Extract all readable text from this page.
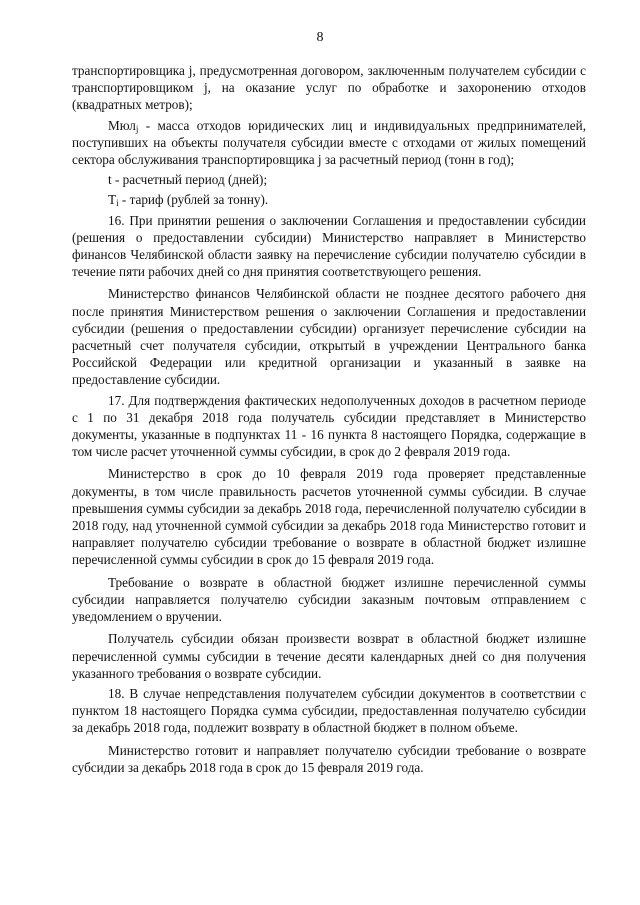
8

транспортировщика j, предусмотренная договором, заключенным получателем субсидии с транспортировщиком j, на оказание услуг по обработке и захоронению отходов (квадратных метров);

Мюл$_j$ - масса отходов юридических лиц и индивидуальных предпринимателей, поступивших на объекты получателя субсидии вместе с отходами от жилых помещений сектора обслуживания транспортировщика j за расчетный период (тонн в год);

t - расчетный период (дней);

$T_i$ - тариф (рублей за тонну).

16. При принятии решения о заключении Соглашения и предоставлении субсидии (решения о предоставлении субсидии) Министерство направляет в Министерство финансов Челябинской области заявку на перечисление субсидии получателю субсидии в течение пяти рабочих дней со дня принятия соответствующего решения.

Министерство финансов Челябинской области не позднее десятого рабочего дня после принятия Министерством решения о заключении Соглашения и предоставлении субсидии (решения о предоставлении субсидии) организует перечисление субсидии на расчетный счет получателя субсидии, открытый в учреждении Центрального банка Российской Федерации или кредитной организации и указанный в заявке на предоставление субсидии.

17. Для подтверждения фактических недополученных доходов в расчетном периоде с 1 по 31 декабря 2018 года получатель субсидии представляет в Министерство документы, указанные в подпунктах 11 - 16 пункта 8 настоящего Порядка, содержащие в том числе расчет уточненной суммы субсидии, в срок до 2 февраля 2019 года.

Министерство в срок до 10 февраля 2019 года проверяет представленные документы, в том числе правильность расчетов уточненной суммы субсидии. В случае превышения суммы субсидии за декабрь 2018 года, перечисленной получателю субсидии в 2018 году, над уточненной суммой субсидии за декабрь 2018 года Министерство готовит и направляет получателю субсидии требование о возврате в областной бюджет излишне перечисленной суммы субсидии в срок до 15 февраля 2019 года.

Требование о возврате в областной бюджет излишне перечисленной суммы субсидии направляется получателю субсидии заказным почтовым отправлением с уведомлением о вручении.

Получатель субсидии обязан произвести возврат в областной бюджет излишне перечисленной суммы субсидии в течение десяти календарных дней со дня получения указанного требования о возврате субсидии.

18. В случае непредставления получателем субсидии документов в соответствии с пунктом 18 настоящего Порядка сумма субсидии, предоставленная получателю субсидии за декабрь 2018 года, подлежит возврату в областной бюджет в полном объеме.

Министерство готовит и направляет получателю субсидии требование о возврате субсидии за декабрь 2018 года в срок до 15 февраля 2019 года.
